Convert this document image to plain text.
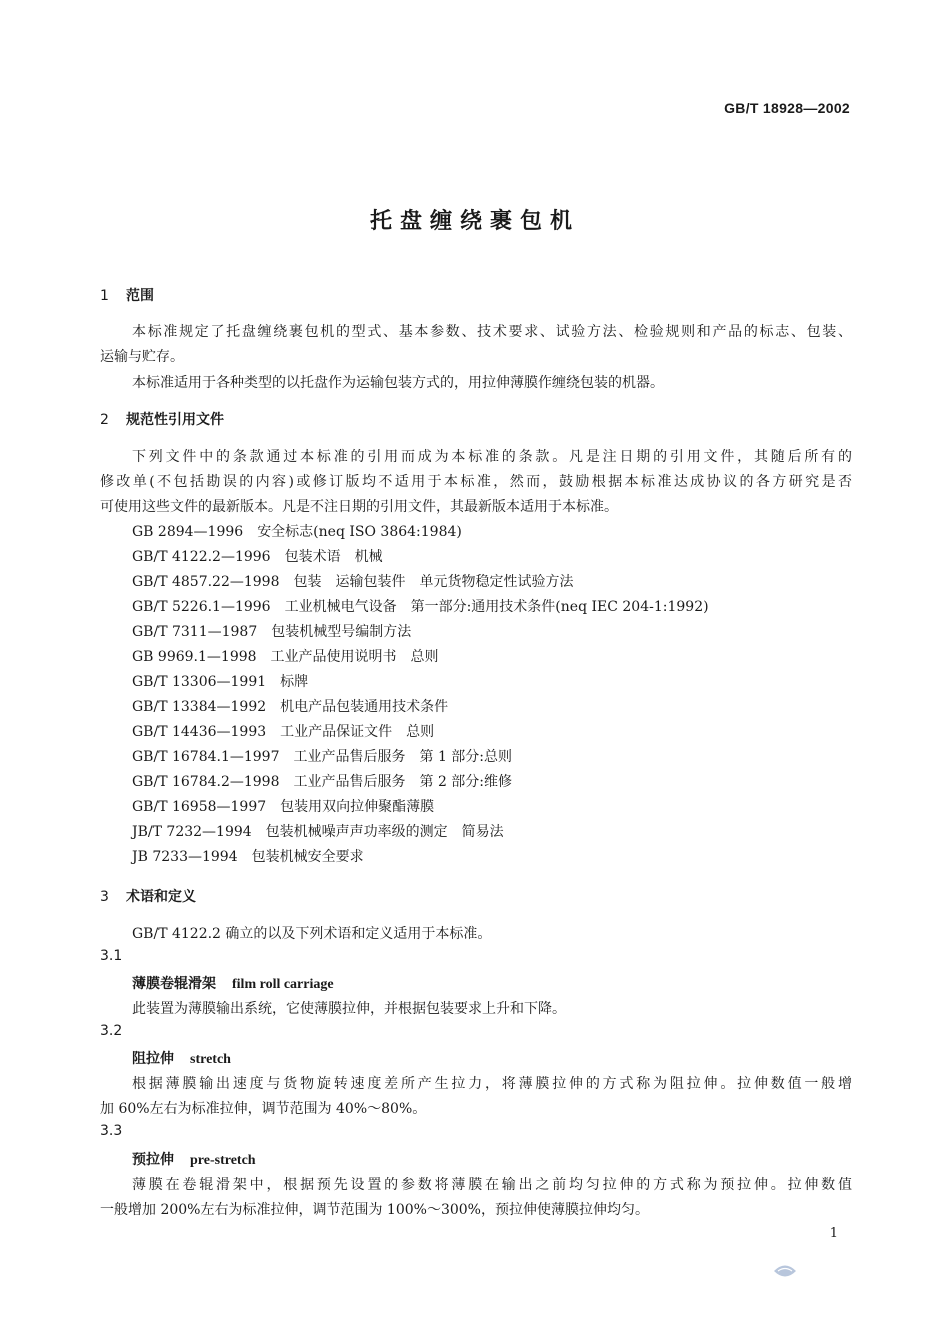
GB/T 18928—2002
托盘缠绕裹包机
1 范围
本标准规定了托盘缠绕裹包机的型式、基本参数、技术要求、试验方法、检验规则和产品的标志、包装、
运输与贮存。
本标准适用于各种类型的以托盘作为运输包装方式的，用拉伸薄膜作缠绕包装的机器。
2 规范性引用文件
下列文件中的条款通过本标准的引用而成为本标准的条款。凡是注日期的引用文件，其随后所有的
修改单(不包括勘误的内容)或修订版均不适用于本标准，然而，鼓励根据本标准达成协议的各方研究是否
可使用这些文件的最新版本。凡是不注日期的引用文件，其最新版本适用于本标准。
GB 2894—1996 安全标志(neq ISO 3864:1984)
GB/T 4122.2—1996 包装术语 机械
GB/T 4857.22—1998 包装 运输包装件 单元货物稳定性试验方法
GB/T 5226.1—1996 工业机械电气设备 第一部分:通用技术条件(neq IEC 204-1:1992)
GB/T 7311—1987 包装机械型号编制方法
GB 9969.1—1998 工业产品使用说明书 总则
GB/T 13306—1991 标牌
GB/T 13384—1992 机电产品包装通用技术条件
GB/T 14436—1993 工业产品保证文件 总则
GB/T 16784.1—1997 工业产品售后服务 第 1 部分:总则
GB/T 16784.2—1998 工业产品售后服务 第 2 部分:维修
GB/T 16958—1997 包装用双向拉伸聚酯薄膜
JB/T 7232—1994 包装机械噪声声功率级的测定 简易法
JB 7233—1994 包装机械安全要求
3 术语和定义
GB/T 4122.2 确立的以及下列术语和定义适用于本标准。
3.1
薄膜卷辊滑架 film roll carriage
此装置为薄膜输出系统，它使薄膜拉伸，并根据包装要求上升和下降。
3.2
阻拉伸 stretch
根据薄膜输出速度与货物旋转速度差所产生拉力，将薄膜拉伸的方式称为阻拉伸。拉伸数值一般增
加 60%左右为标准拉伸，调节范围为 40%～80%。
3.3
预拉伸 pre-stretch
薄膜在卷辊滑架中，根据预先设置的参数将薄膜在输出之前均匀拉伸的方式称为预拉伸。拉伸数值
一般增加 200%左右为标准拉伸，调节范围为 100%～300%，预拉伸使薄膜拉伸均匀。
1
